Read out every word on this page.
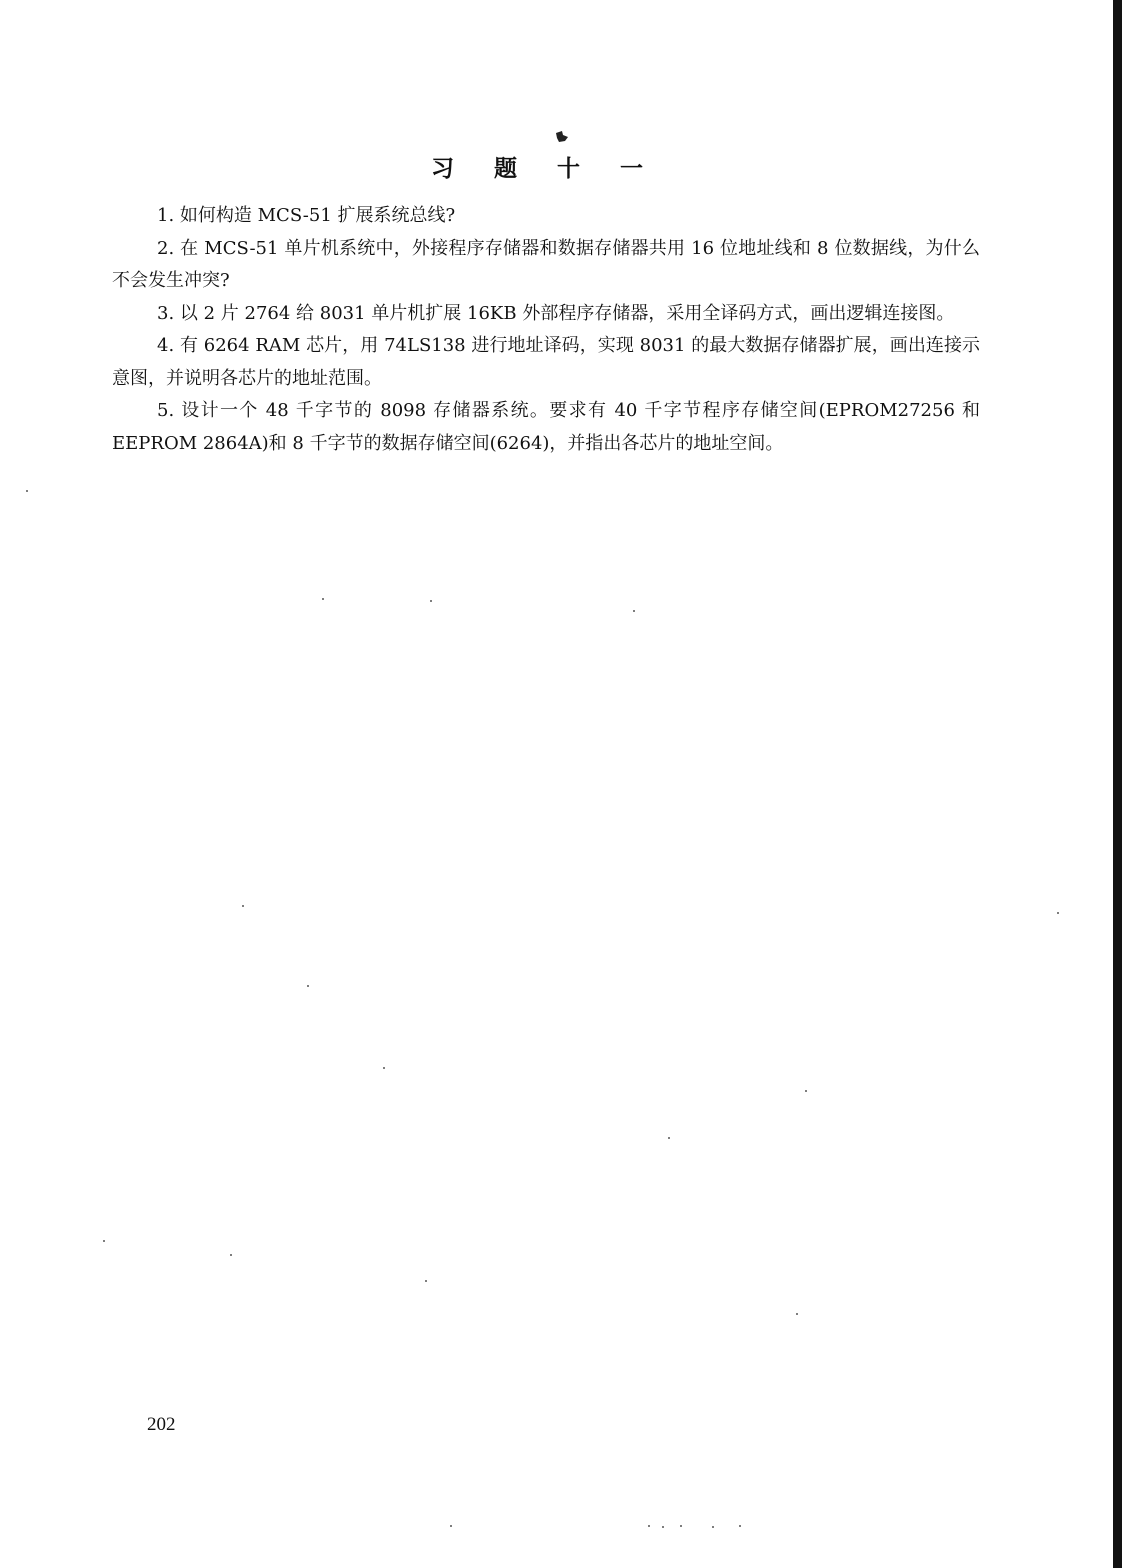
习 题 十 一
1. 如何构造 MCS-51 扩展系统总线?
2. 在 MCS-51 单片机系统中，外接程序存储器和数据存储器共用 16 位地址线和 8 位数据线，为什么不会发生冲突?
3. 以 2 片 2764 给 8031 单片机扩展 16KB 外部程序存储器，采用全译码方式，画出逻辑连接图。
4. 有 6264 RAM 芯片，用 74LS138 进行地址译码，实现 8031 的最大数据存储器扩展，画出连接示意图，并说明各芯片的地址范围。
5. 设计一个 48 千字节的 8098 存储器系统。要求有 40 千字节程序存储空间(EPROM27256 和 EEPROM 2864A)和 8 千字节的数据存储空间(6264)，并指出各芯片的地址空间。
202
